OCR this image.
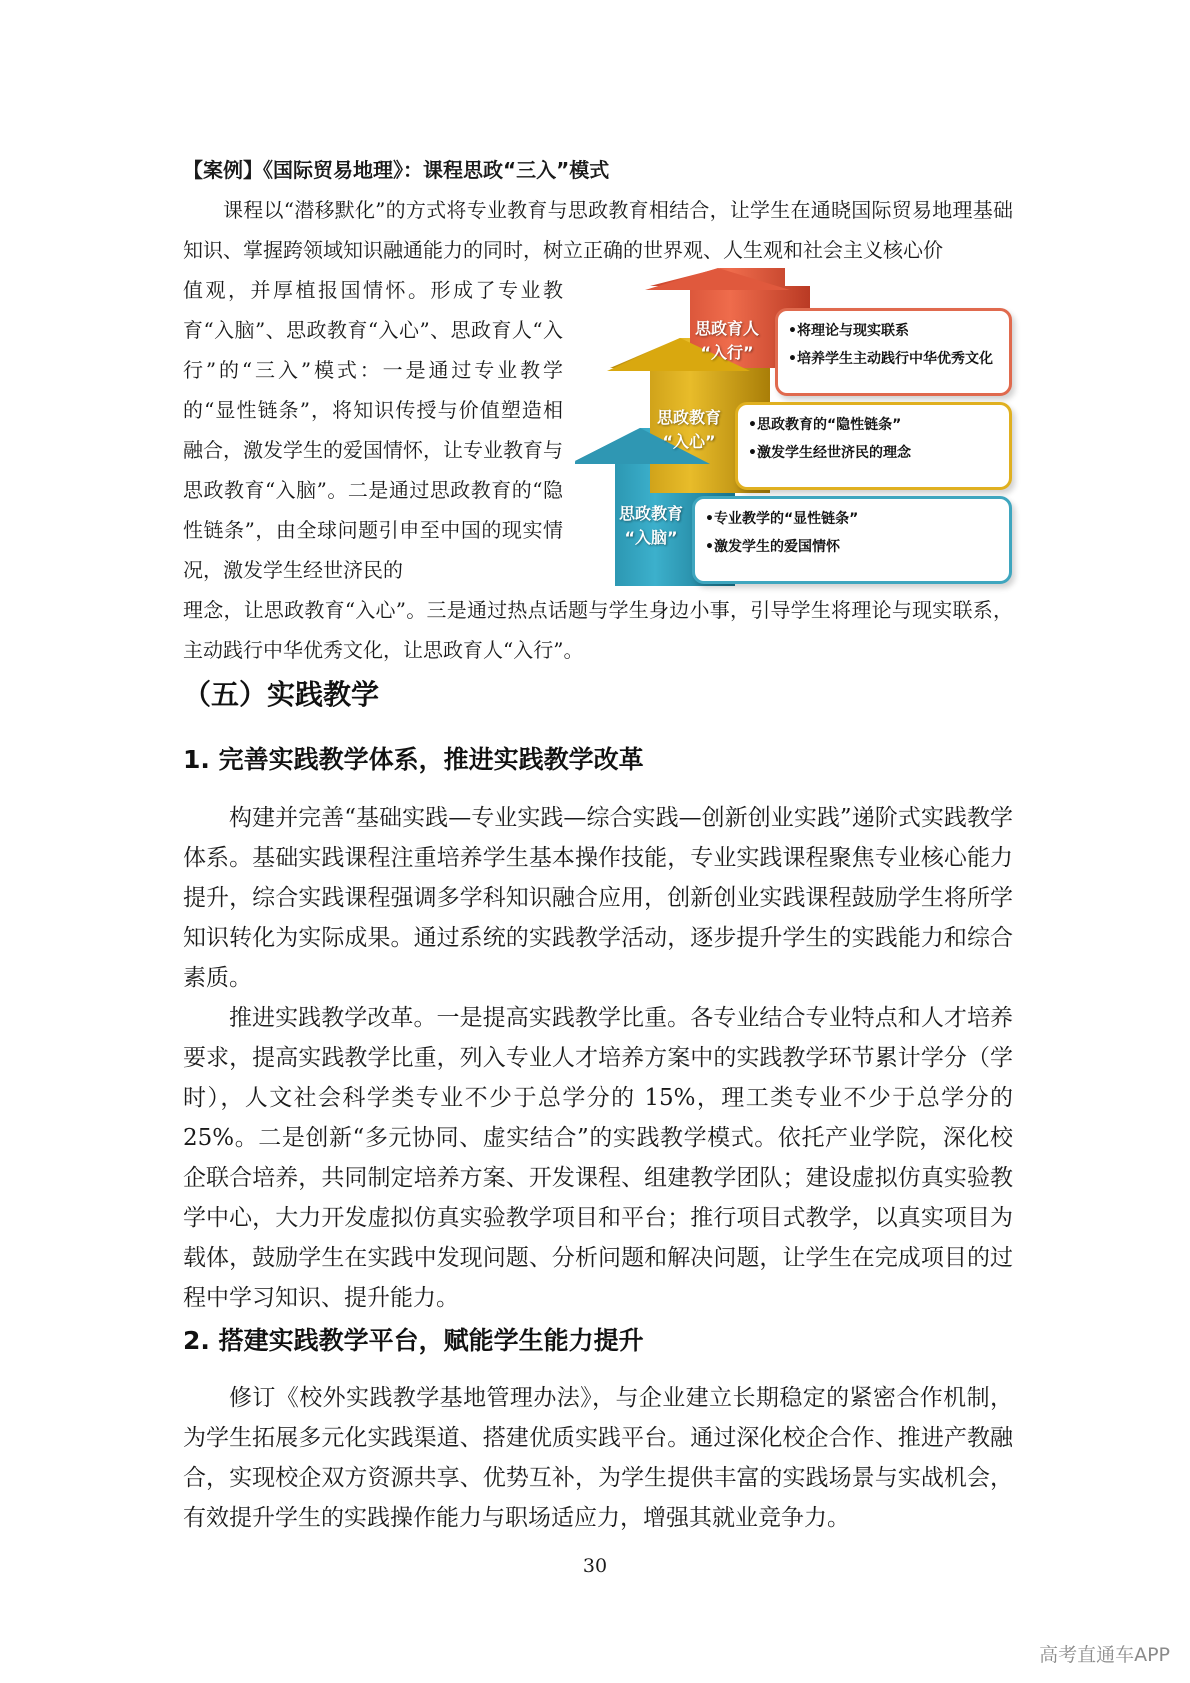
【案例】《国际贸易地理》：课程思政“三入”模式

课程以“潜移默化”的方式将专业教育与思政教育相结合，让学生在通晓国际贸易地理基础知识、掌握跨领域知识融通能力的同时，树立正确的世界观、人生观和社会主义核心价

值观，并厚植报国情怀。形成了专业教育“入脑”、思政教育“入心”、思政育人“入行”的“三入”模式：一是通过专业教学的“显性链条”，将知识传授与价值塑造相融合，激发学生的爱国情怀，让专业教育与思政教育“入脑”。二是通过思政教育的“隐性链条”，由全球问题引申至中国的现实情况，激发学生经世济民的

理念，让思政教育“入心”。三是通过热点话题与学生身边小事，引导学生将理论与现实联系，主动践行中华优秀文化，让思政育人“入行”。

•将理论与现实联系
•培养学生主动践行中华优秀文化
•思政教育的“隐性链条”
•激发学生经世济民的理念
•专业教学的“显性链条”
•激发学生的爱国情怀
思政育人
“入行”
思政教育
“入心”
思政教育
“入脑”
（五）实践教学
1. 完善实践教学体系，推进实践教学改革

构建并完善“基础实践—专业实践—综合实践—创新创业实践”递阶式实践教学体系。基础实践课程注重培养学生基本操作技能，专业实践课程聚焦专业核心能力提升，综合实践课程强调多学科知识融合应用，创新创业实践课程鼓励学生将所学知识转化为实际成果。通过系统的实践教学活动，逐步提升学生的实践能力和综合素质。

推进实践教学改革。一是提高实践教学比重。各专业结合专业特点和人才培养要求，提高实践教学比重，列入专业人才培养方案中的实践教学环节累计学分（学时），人文社会科学类专业不少于总学分的 15%，理工类专业不少于总学分的 25%。二是创新“多元协同、虚实结合”的实践教学模式。依托产业学院，深化校企联合培养，共同制定培养方案、开发课程、组建教学团队；建设虚拟仿真实验教学中心，大力开发虚拟仿真实验教学项目和平台；推行项目式教学，以真实项目为载体，鼓励学生在实践中发现问题、分析问题和解决问题，让学生在完成项目的过程中学习知识、提升能力。

2. 搭建实践教学平台，赋能学生能力提升

修订《校外实践教学基地管理办法》，与企业建立长期稳定的紧密合作机制，为学生拓展多元化实践渠道、搭建优质实践平台。通过深化校企合作、推进产教融合，实现校企双方资源共享、优势互补，为学生提供丰富的实践场景与实战机会，有效提升学生的实践操作能力与职场适应力，增强其就业竞争力。

30
高考直通车APP
